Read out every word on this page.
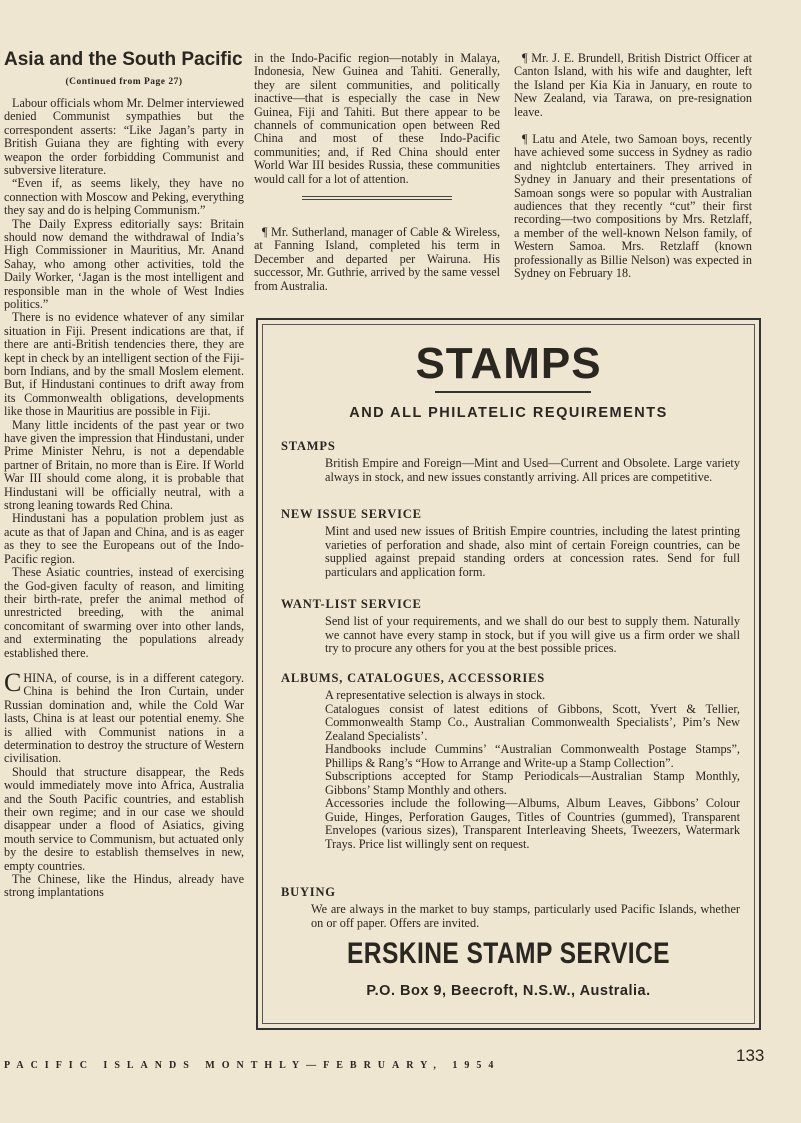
Asia and the South Pacific
(Continued from Page 27)

Labour officials whom Mr. Delmer interviewed denied Communist sympathies but the correspondent asserts: “Like Jagan’s party in British Guiana they are fighting with every weapon the order forbidding Communist and subversive literature.

“Even if, as seems likely, they have no connection with Moscow and Peking, everything they say and do is helping Communism.”

The Daily Express editorially says: Britain should now demand the withdrawal of India’s High Commissioner in Mauritius, Mr. Anand Sahay, who among other activities, told the Daily Worker, ‘Jagan is the most intelligent and responsible man in the whole of West Indies politics.”

There is no evidence whatever of any similar situation in Fiji. Present indications are that, if there are anti-British tendencies there, they are kept in check by an intelligent section of the Fiji-born Indians, and by the small Moslem element. But, if Hindustani continues to drift away from its Commonwealth obligations, developments like those in Mauritius are possible in Fiji.

Many little incidents of the past year or two have given the impression that Hindustani, under Prime Minister Nehru, is not a dependable partner of Britain, no more than is Eire. If World War III should come along, it is probable that Hindustani will be officially neutral, with a strong leaning towards Red China.

Hindustani has a population problem just as acute as that of Japan and China, and is as eager as they to see the Europeans out of the Indo-Pacific region.

These Asiatic countries, instead of exercising the God-given faculty of reason, and limiting their birth-rate, prefer the animal method of unrestricted breeding, with the animal concomitant of swarming over into other lands, and exterminating the populations already established there.

CHINA, of course, is in a different category. China is behind the Iron Curtain, under Russian domination and, while the Cold War lasts, China is at least our potential enemy. She is allied with Communist nations in a determination to destroy the structure of Western civilisation.

Should that structure disappear, the Reds would immediately move into Africa, Australia and the South Pacific countries, and establish their own regime; and in our case we should disappear under a flood of Asiatics, giving mouth service to Communism, but actuated only by the desire to establish themselves in new, empty countries.

The Chinese, like the Hindus, already have strong implantations

in the Indo-Pacific region—notably in Malaya, Indonesia, New Guinea and Tahiti. Generally, they are silent communities, and politically inactive—that is especially the case in New Guinea, Fiji and Tahiti. But there appear to be channels of communication open between Red China and most of these Indo-Pacific communities; and, if Red China should enter World War III besides Russia, these communities would call for a lot of attention.

¶ Mr. Sutherland, manager of Cable & Wireless, at Fanning Island, completed his term in December and departed per Wairuna. His successor, Mr. Guthrie, arrived by the same vessel from Australia.

¶ Mr. J. E. Brundell, British District Officer at Canton Island, with his wife and daughter, left the Island per Kia Kia in January, en route to New Zealand, via Tarawa, on pre-resignation leave.

¶ Latu and Atele, two Samoan boys, recently have achieved some success in Sydney as radio and nightclub entertainers. They arrived in Sydney in January and their presentations of Samoan songs were so popular with Australian audiences that they recently “cut” their first recording—two compositions by Mrs. Retzlaff, a member of the well-known Nelson family, of Western Samoa. Mrs. Retzlaff (known professionally as Billie Nelson) was expected in Sydney on February 18.

STAMPS
AND ALL PHILATELIC REQUIREMENTS
STAMPS

British Empire and Foreign—Mint and Used—Current and Obsolete. Large variety always in stock, and new issues constantly arriving. All prices are competitive.

NEW ISSUE SERVICE

Mint and used new issues of British Empire countries, including the latest printing varieties of perforation and shade, also mint of certain Foreign countries, can be supplied against prepaid standing orders at concession rates. Send for full particulars and application form.

WANT-LIST SERVICE

Send list of your requirements, and we shall do our best to supply them. Naturally we cannot have every stamp in stock, but if you will give us a firm order we shall try to procure any others for you at the best possible prices.

ALBUMS, CATALOGUES, ACCESSORIES

A representative selection is always in stock.

Catalogues consist of latest editions of Gibbons, Scott, Yvert & Tellier, Commonwealth Stamp Co., Australian Commonwealth Specialists’, Pim’s New Zealand Specialists’.

Handbooks include Cummins’ “Australian Commonwealth Postage Stamps”, Phillips & Rang’s “How to Arrange and Write-up a Stamp Collection”.

Subscriptions accepted for Stamp Periodicals—Australian Stamp Monthly, Gibbons’ Stamp Monthly and others.

Accessories include the following—Albums, Album Leaves, Gibbons’ Colour Guide, Hinges, Perforation Gauges, Titles of Countries (gummed), Transparent Envelopes (various sizes), Transparent Interleaving Sheets, Tweezers, Watermark Trays. Price list willingly sent on request.

BUYING

We are always in the market to buy stamps, particularly used Pacific Islands, whether on or off paper. Offers are invited.

ERSKINE STAMP SERVICE
P.O. Box 9, Beecroft, N.S.W., Australia.
PACIFIC ISLANDS MONTHLY—FEBRUARY, 1954
133
